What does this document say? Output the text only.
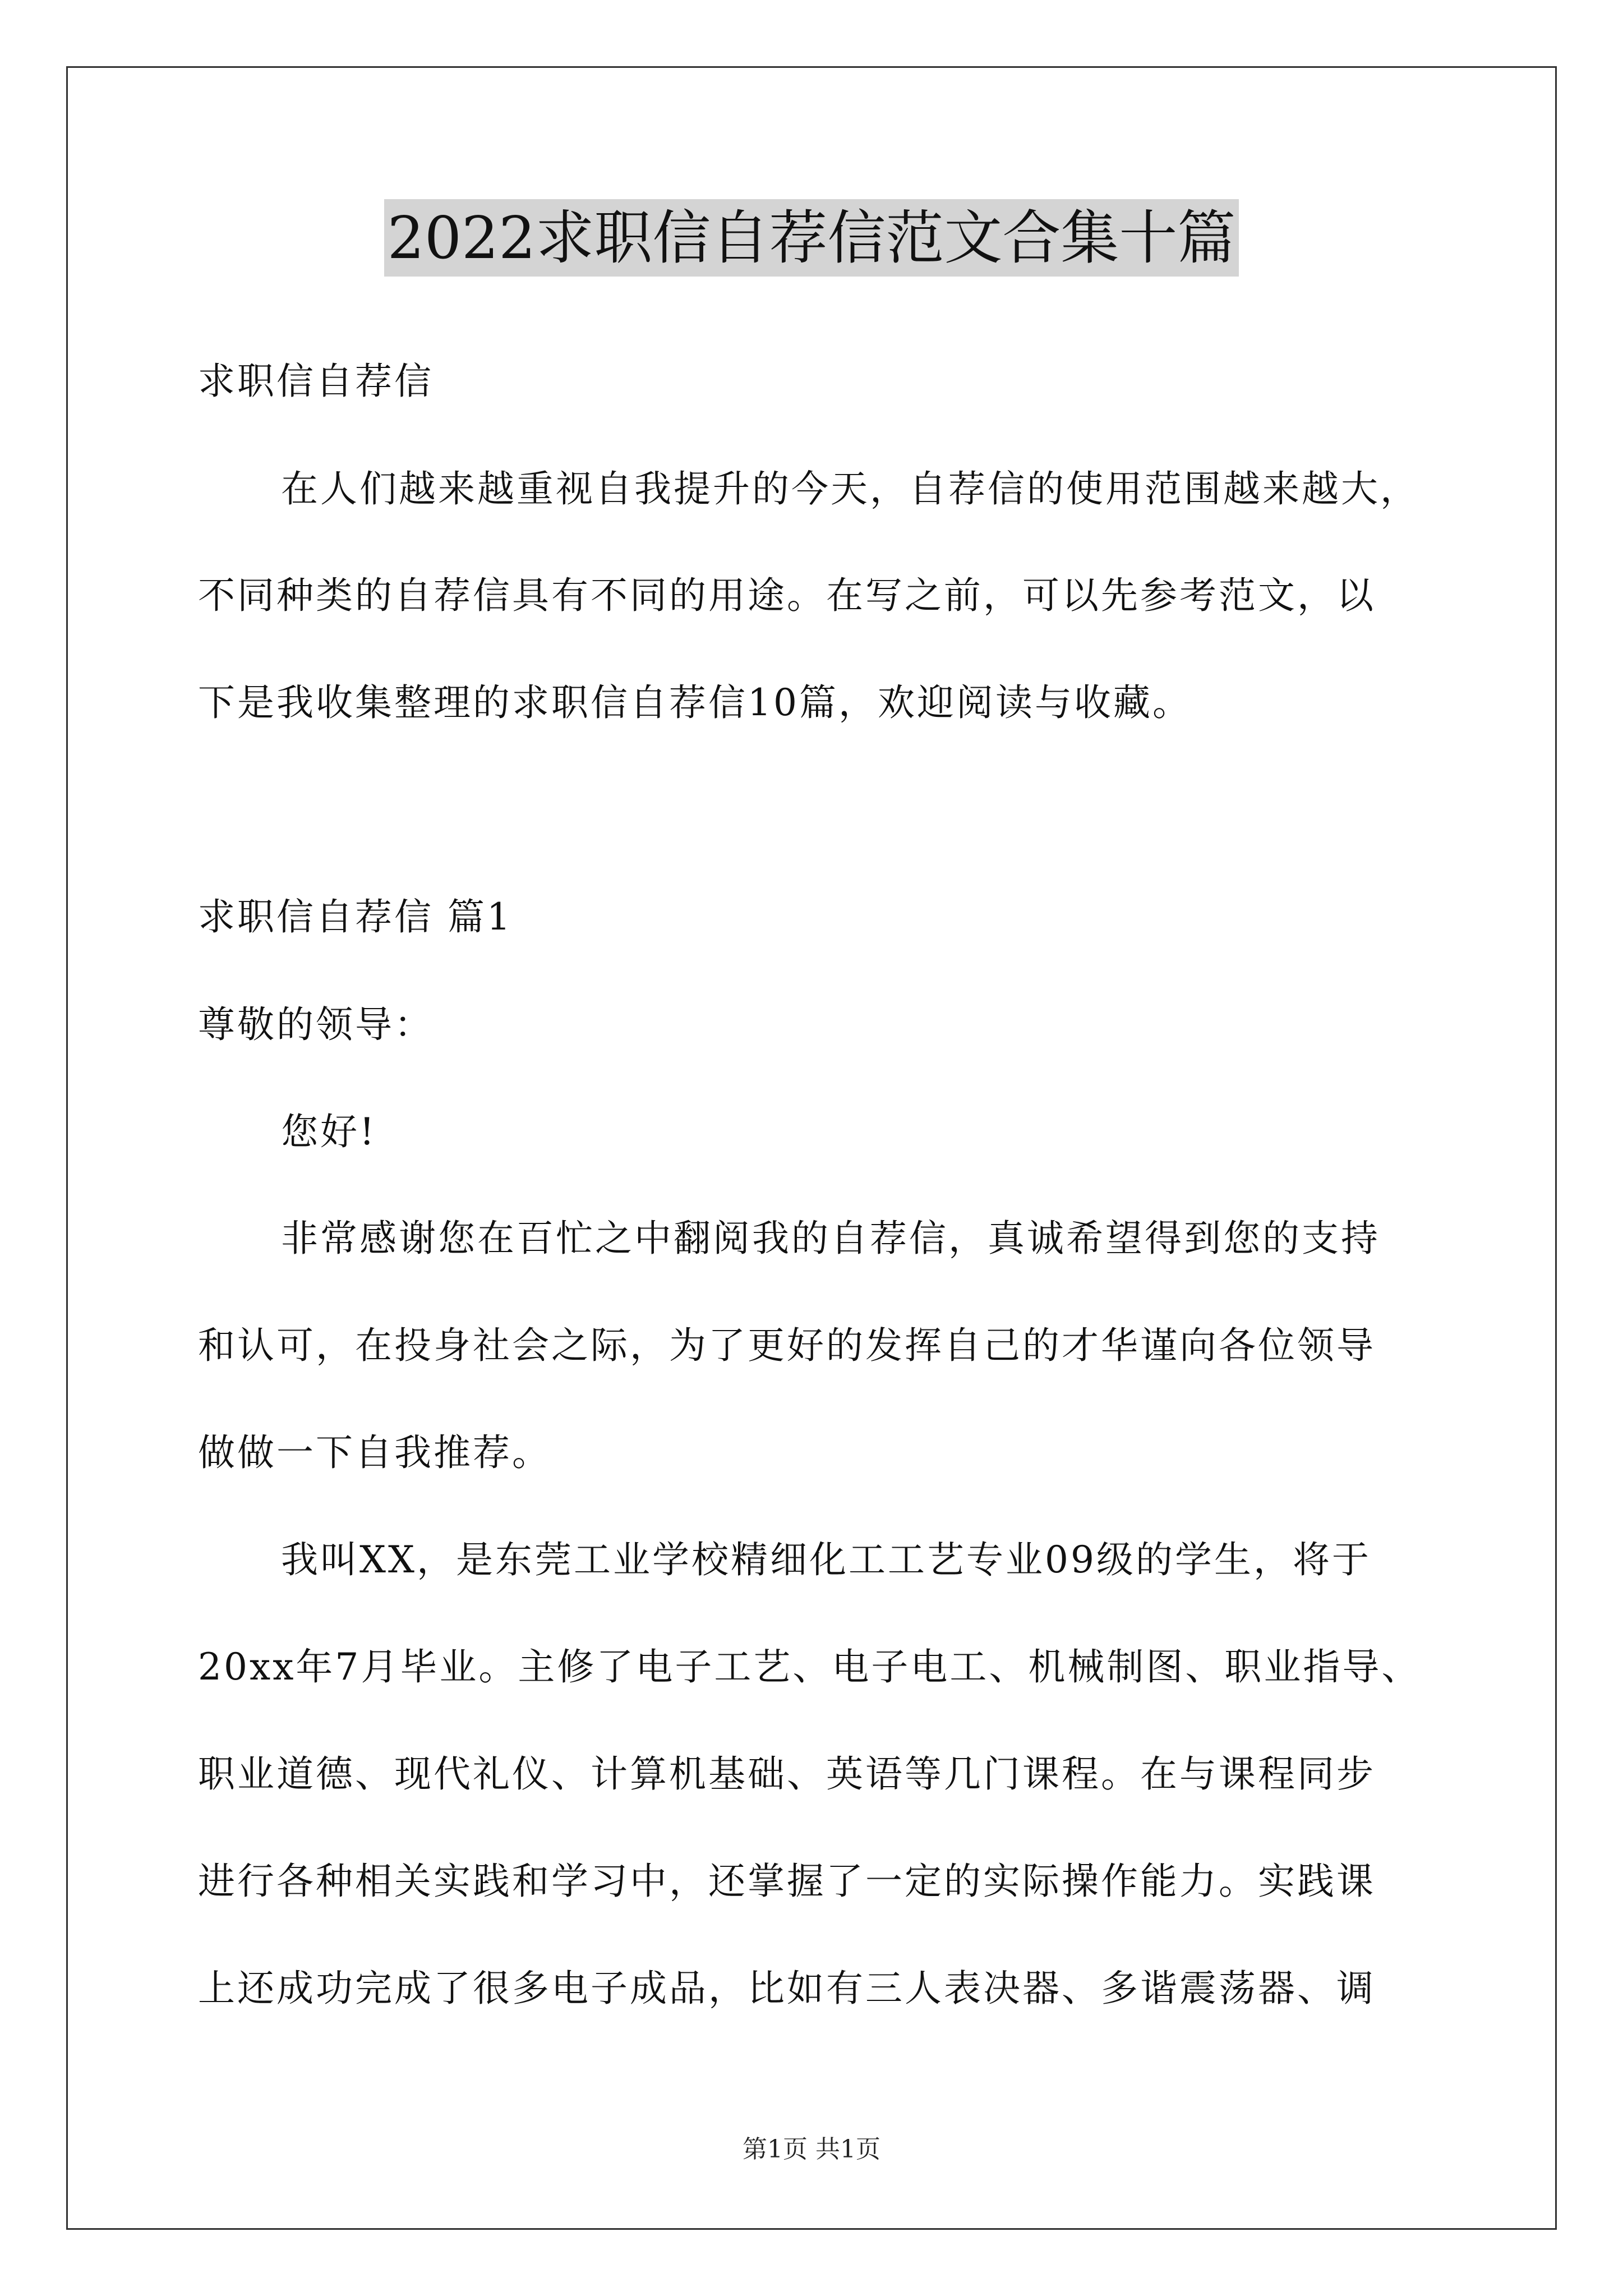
2022求职信自荐信范文合集十篇
求职信自荐信
在人们越来越重视自我提升的今天，自荐信的使用范围越来越大，
不同种类的自荐信具有不同的用途。在写之前，可以先参考范文，以
下是我收集整理的求职信自荐信10篇，欢迎阅读与收藏。
求职信自荐信 篇1
尊敬的领导：
您好!
非常感谢您在百忙之中翻阅我的自荐信，真诚希望得到您的支持
和认可，在投身社会之际，为了更好的发挥自己的才华谨向各位领导
做做一下自我推荐。
我叫XX，是东莞工业学校精细化工工艺专业09级的学生，将于
20xx年7月毕业。主修了电子工艺、电子电工、机械制图、职业指导、
职业道德、现代礼仪、计算机基础、英语等几门课程。在与课程同步
进行各种相关实践和学习中，还掌握了一定的实际操作能力。实践课
上还成功完成了很多电子成品，比如有三人表决器、多谐震荡器、调
第1页 共1页
